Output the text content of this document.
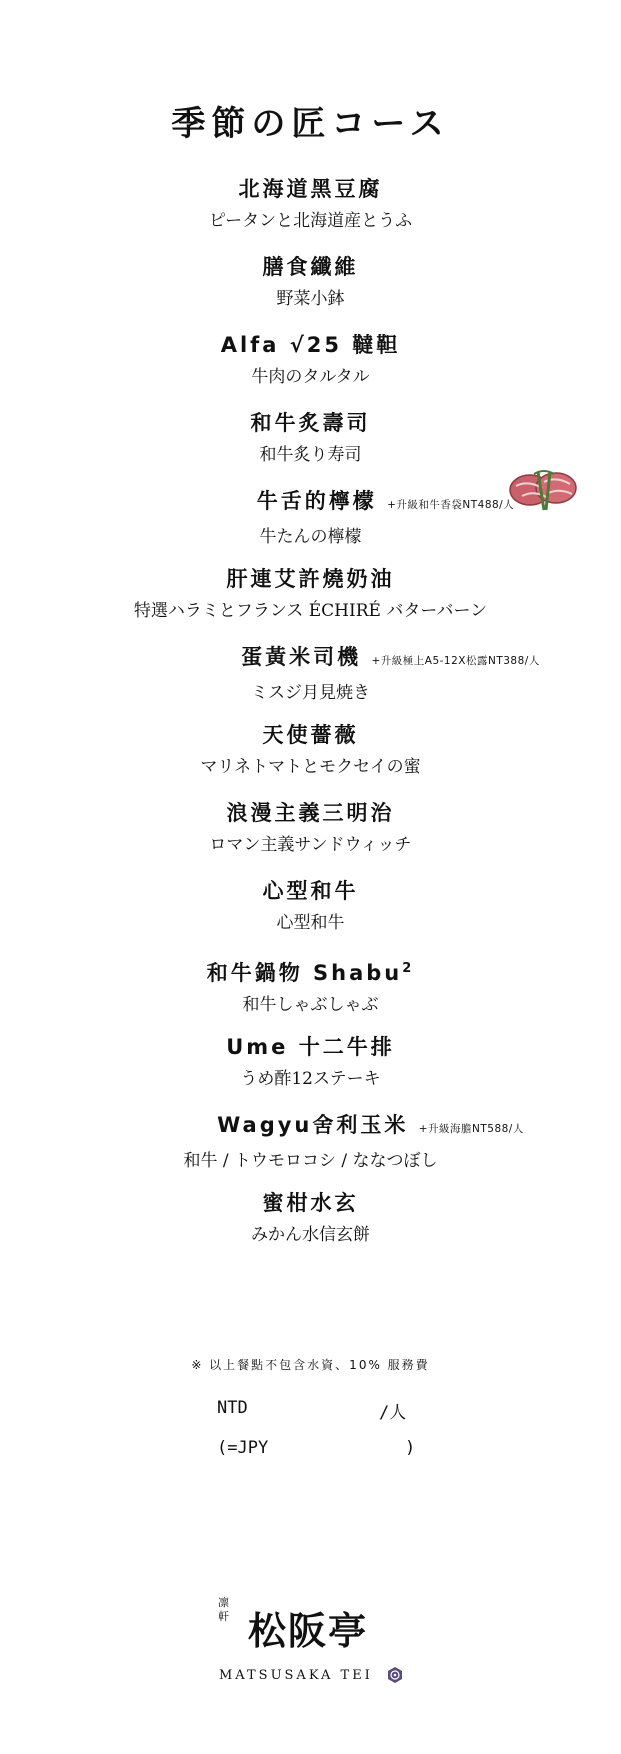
季節の匠コース
北海道黑豆腐
ピータンと北海道産とうふ
膳食纖維
野菜小鉢
Alfa √25 韃靼
牛肉のタルタル
和牛炙壽司
和牛炙り寿司
牛舌的檸檬 +升級和牛香袋NT488/人
牛たんの檸檬
肝連艾許燒奶油
特選ハラミとフランス ÉCHIRÉ バターバーン
蛋黃米司機 +升級極上A5-12X松露NT388/人
ミスジ月見焼き
天使薔薇
マリネトマトとモクセイの蜜
浪漫主義三明治
ロマン主義サンドウィッチ
心型和牛
心型和牛
和牛鍋物 Shabu$^2$
和牛しゃぶしゃぶ
Ume 十二牛排
うめ酢12ステーキ
Wagyu舍利玉米 +升級海膽NT588/人
和牛 / トウモロコシ / ななつぼし
蜜柑水玄
みかん水信玄餅
※ 以上餐點不包含水資、10% 服務費
NTD	/人
(=JPY	)
凛軒 松阪亭
MATSUSAKA TEI
